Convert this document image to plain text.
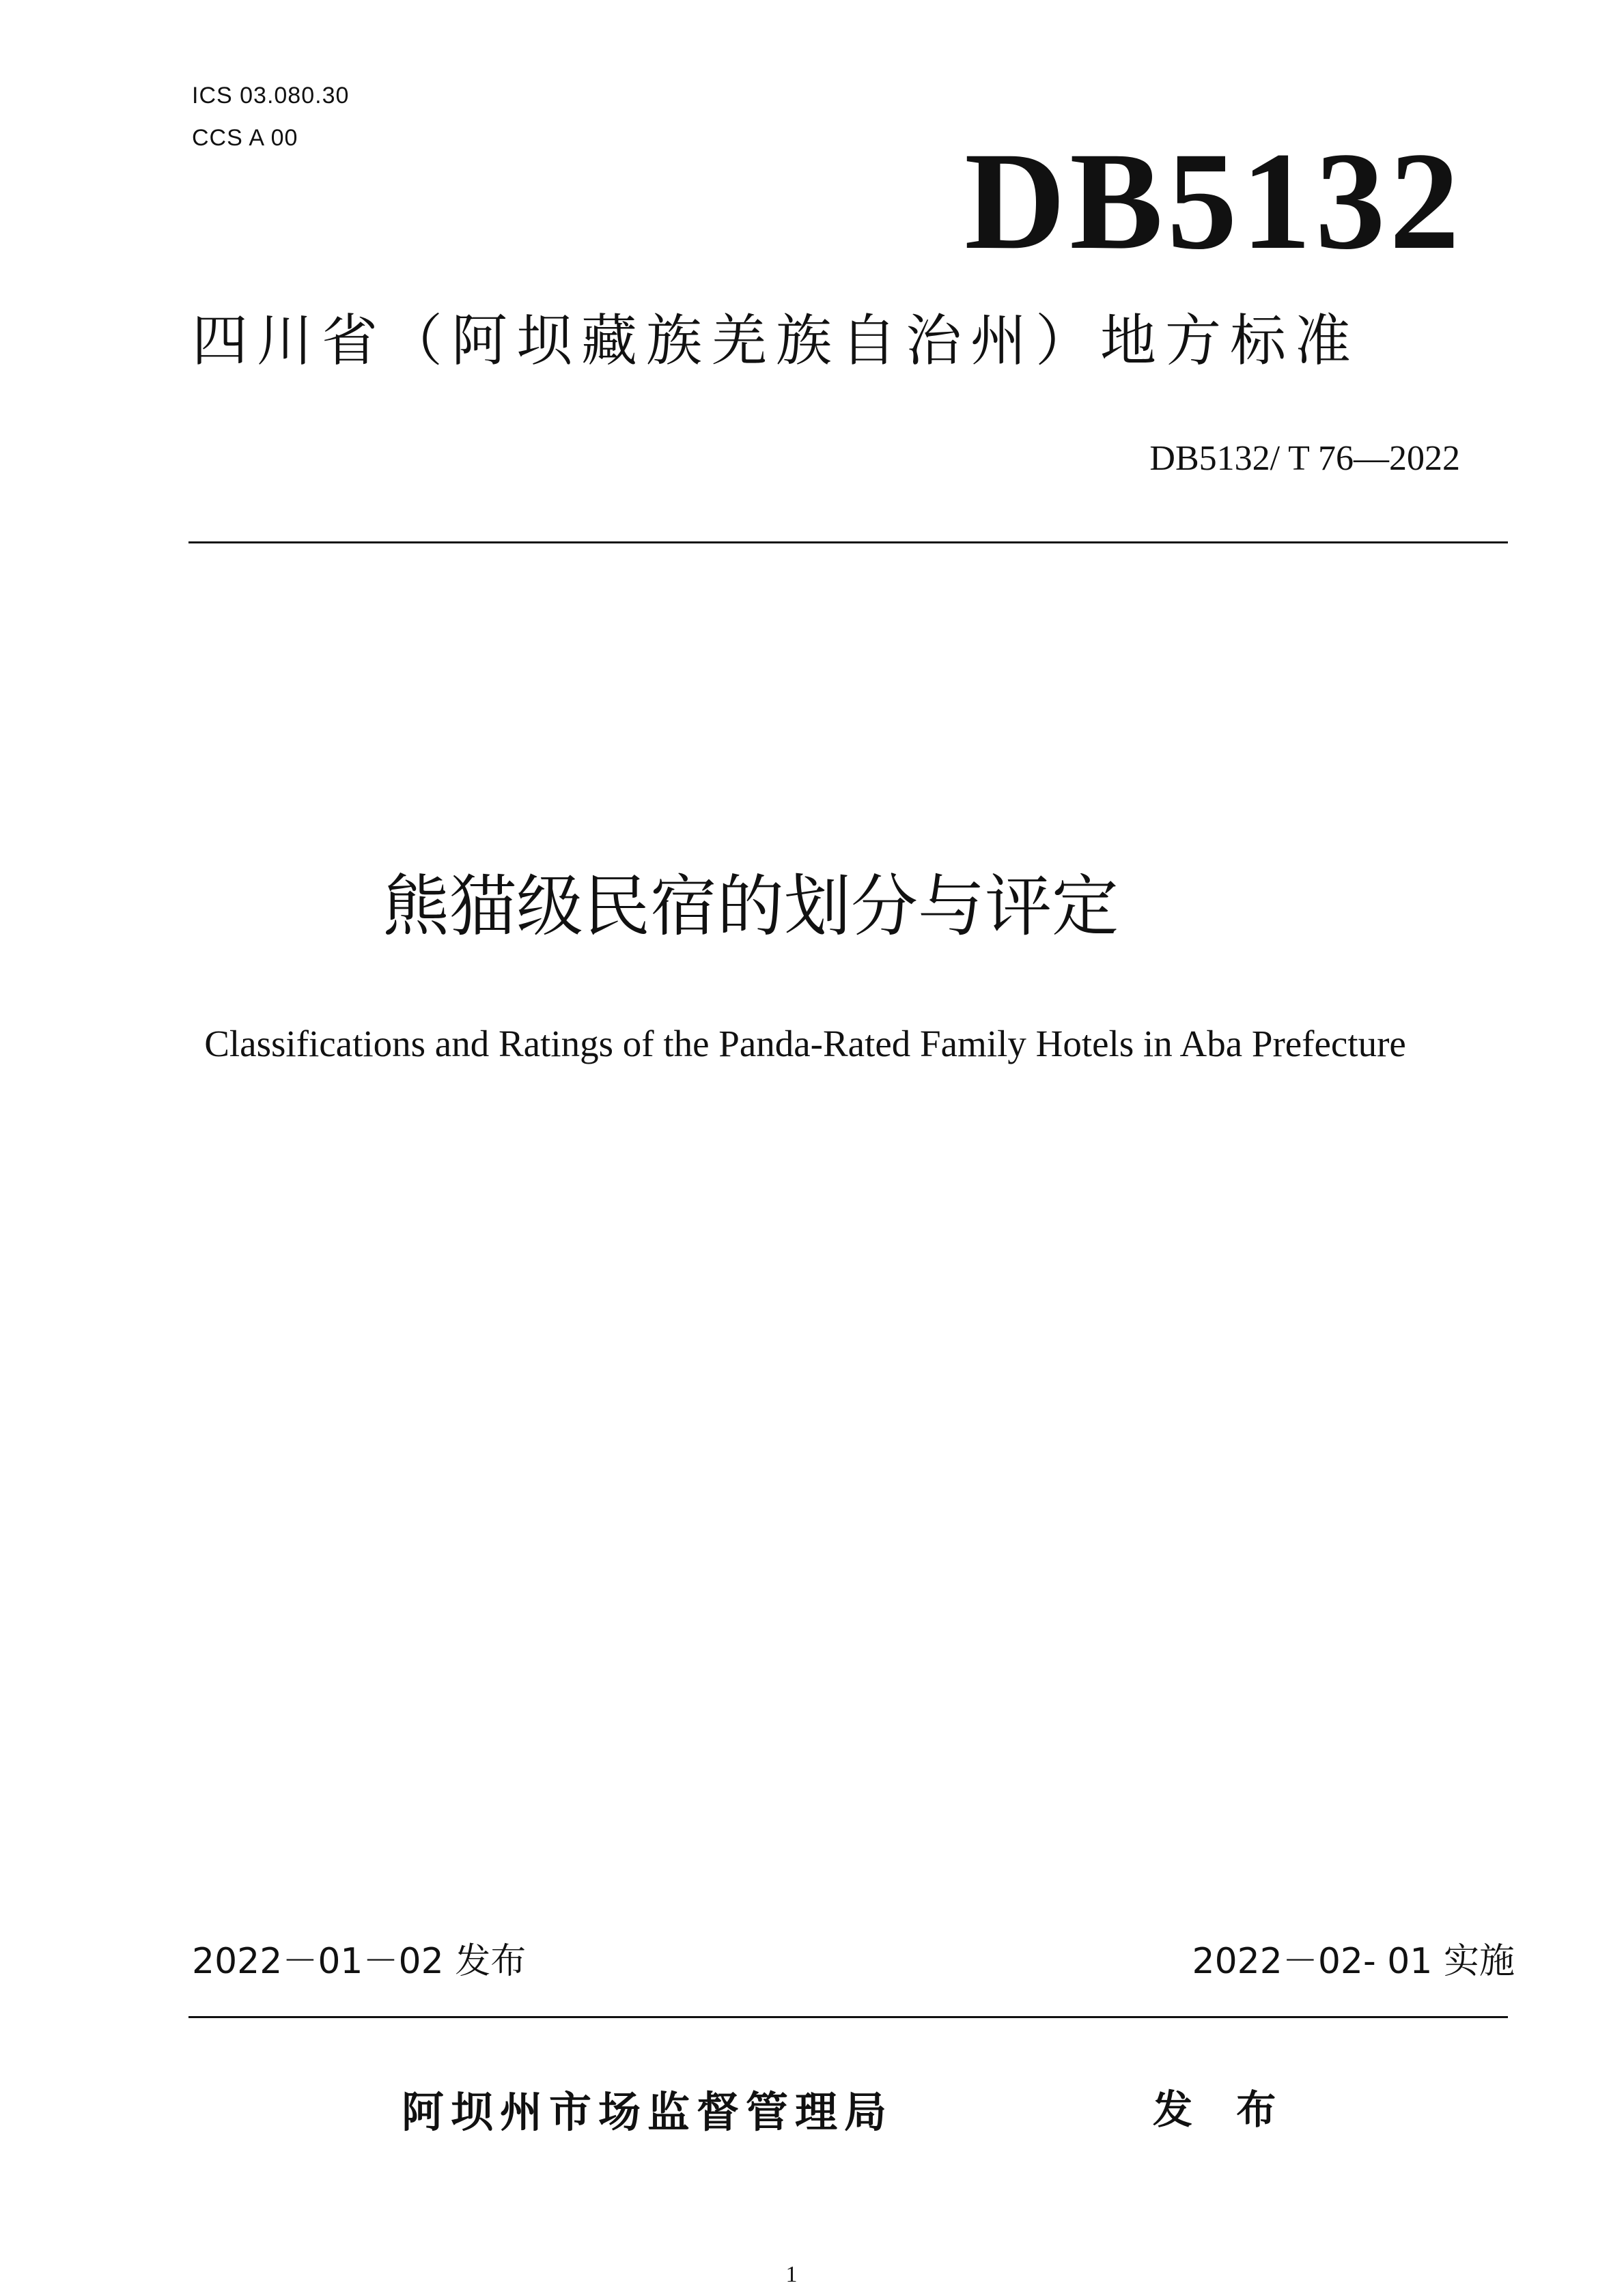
ICS 03.080.30
CCS A 00	DB5132
四川省（阿坝藏族羌族自治州）地方标准
DB5132/ T 76—2022
熊猫级民宿的划分与评定
Classifications and Ratings of the Panda-Rated Family Hotels in Aba Prefecture
2022－01－02 发布	2022－02- 01 实施
阿坝州市场监督管理局	发 布
1
